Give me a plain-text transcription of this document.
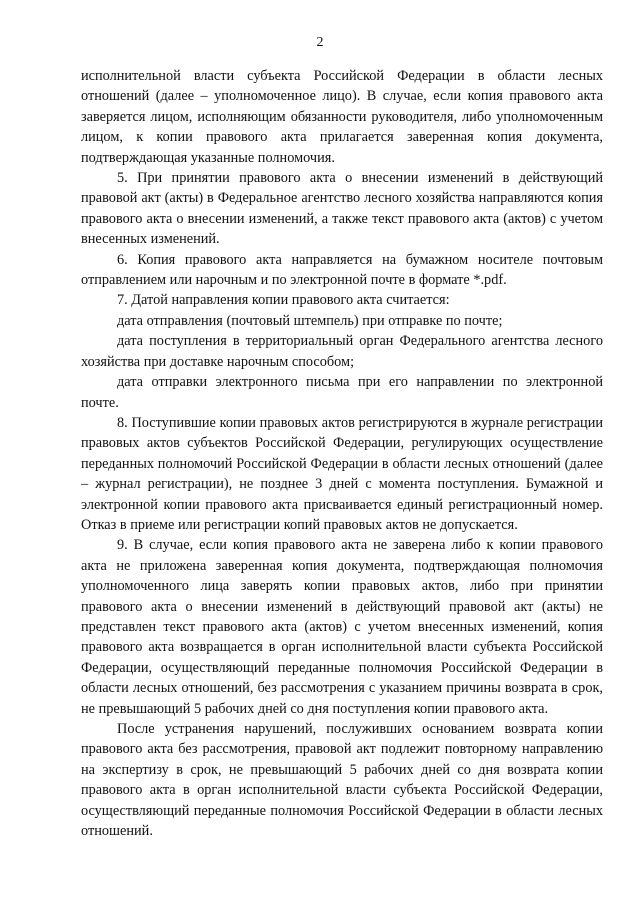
2

исполнительной власти субъекта Российской Федерации в области лесных отношений (далее – уполномоченное лицо). В случае, если копия правового акта заверяется лицом, исполняющим обязанности руководителя, либо уполномоченным лицом, к копии правового акта прилагается заверенная копия документа, подтверждающая указанные полномочия.

5. При принятии правового акта о внесении изменений в действующий правовой акт (акты) в Федеральное агентство лесного хозяйства направляются копия правового акта о внесении изменений, а также текст правового акта (актов) с учетом внесенных изменений.

6. Копия правового акта направляется на бумажном носителе почтовым отправлением или нарочным и по электронной почте в формате *.pdf.

7. Датой направления копии правового акта считается:

дата отправления (почтовый штемпель) при отправке по почте;

дата поступления в территориальный орган Федерального агентства лесного хозяйства при доставке нарочным способом;

дата отправки электронного письма при его направлении по электронной почте.

8. Поступившие копии правовых актов регистрируются в журнале регистрации правовых актов субъектов Российской Федерации, регулирующих осуществление переданных полномочий Российской Федерации в области лесных отношений (далее – журнал регистрации), не позднее 3 дней с момента поступления. Бумажной и электронной копии правового акта присваивается единый регистрационный номер. Отказ в приеме или регистрации копий правовых актов не допускается.

9. В случае, если копия правового акта не заверена либо к копии правового акта не приложена заверенная копия документа, подтверждающая полномочия уполномоченного лица заверять копии правовых актов, либо при принятии правового акта о внесении изменений в действующий правовой акт (акты) не представлен текст правового акта (актов) с учетом внесенных изменений, копия правового акта возвращается в орган исполнительной власти субъекта Российской Федерации, осуществляющий переданные полномочия Российской Федерации в области лесных отношений, без рассмотрения с указанием причины возврата в срок, не превышающий 5 рабочих дней со дня поступления копии правового акта.

После устранения нарушений, послуживших основанием возврата копии правового акта без рассмотрения, правовой акт подлежит повторному направлению на экспертизу в срок, не превышающий 5 рабочих дней со дня возврата копии правового акта в орган исполнительной власти субъекта Российской Федерации, осуществляющий переданные полномочия Российской Федерации в области лесных отношений.
